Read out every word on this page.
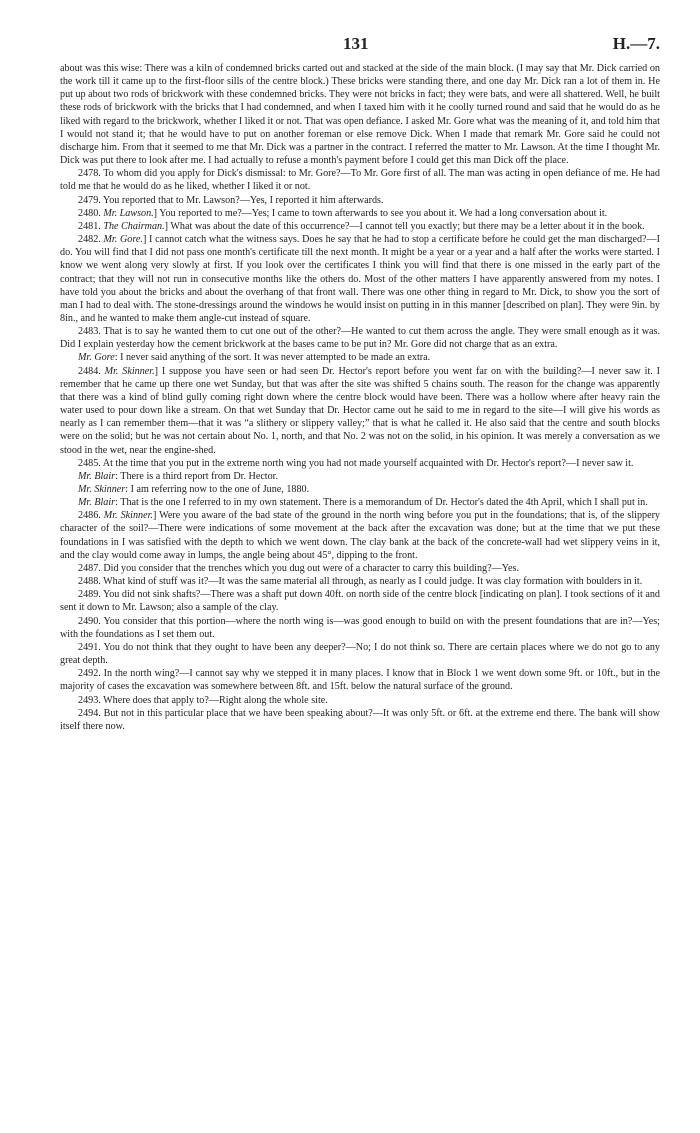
131	H.—7.

about was this wise: There was a kiln of condemned bricks carted out and stacked at the side of the main block. (I may say that Mr. Dick carried on the work till it came up to the first-floor sills of the centre block.) These bricks were standing there, and one day Mr. Dick ran a lot of them in. He put up about two rods of brickwork with these condemned bricks. They were not bricks in fact; they were bats, and were all shattered. Well, he built these rods of brickwork with the bricks that I had condemned, and when I taxed him with it he coolly turned round and said that he would do as he liked with regard to the brickwork, whether I liked it or not. That was open defiance. I asked Mr. Gore what was the meaning of it, and told him that I would not stand it; that he would have to put on another foreman or else remove Dick. When I made that remark Mr. Gore said he could not discharge him. From that it seemed to me that Mr. Dick was a partner in the contract. I referred the matter to Mr. Lawson. At the time I thought Mr. Dick was put there to look after me. I had actually to refuse a month's payment before I could get this man Dick off the place.

2478. To whom did you apply for Dick's dismissal: to Mr. Gore?—To Mr. Gore first of all. The man was acting in open defiance of me. He had told me that he would do as he liked, whether I liked it or not.

2479. You reported that to Mr. Lawson?—Yes, I reported it him afterwards.

2480. Mr. Lawson.] You reported to me?—Yes; I came to town afterwards to see you about it. We had a long conversation about it.

2481. The Chairman.] What was about the date of this occurrence?—I cannot tell you exactly; but there may be a letter about it in the book.

2482. Mr. Gore.] I cannot catch what the witness says. Does he say that he had to stop a certificate before he could get the man discharged?—I do. You will find that I did not pass one month's certificate till the next month. It might be a year or a year and a half after the works were started. I know we went along very slowly at first. If you look over the certificates I think you will find that there is one missed in the early part of the contract; that they will not run in consecutive months like the others do. Most of the other matters I have apparently answered from my notes. I have told you about the bricks and about the overhang of that front wall. There was one other thing in regard to Mr. Dick, to show you the sort of man I had to deal with. The stone-dressings around the windows he would insist on putting in in this manner [described on plan]. They were 9in. by 8in., and he wanted to make them angle-cut instead of square.

2483. That is to say he wanted them to cut one out of the other?—He wanted to cut them across the angle. They were small enough as it was. Did I explain yesterday how the cement brickwork at the bases came to be put in? Mr. Gore did not charge that as an extra.

Mr. Gore: I never said anything of the sort. It was never attempted to be made an extra.

2484. Mr. Skinner.] I suppose you have seen or had seen Dr. Hector's report before you went far on with the building?—I never saw it. I remember that he came up there one wet Sunday, but that was after the site was shifted 5 chains south. The reason for the change was apparently that there was a kind of blind gully coming right down where the centre block would have been. There was a hollow where after heavy rain the water used to pour down like a stream. On that wet Sunday that Dr. Hector came out he said to me in regard to the site—I will give his words as nearly as I can remember them—that it was “a slithery or slippery valley;” that is what he called it. He also said that the centre and south blocks were on the solid; but he was not certain about No. 1, north, and that No. 2 was not on the solid, in his opinion. It was merely a conversation as we stood in the wet, near the engine-shed.

2485. At the time that you put in the extreme north wing you had not made yourself acquainted with Dr. Hector's report?—I never saw it.

Mr. Blair: There is a third report from Dr. Hector.

Mr. Skinner: I am referring now to the one of June, 1880.

Mr. Blair: That is the one I referred to in my own statement. There is a memorandum of Dr. Hector's dated the 4th April, which I shall put in.

2486. Mr. Skinner.] Were you aware of the bad state of the ground in the north wing before you put in the foundations; that is, of the slippery character of the soil?—There were indications of some movement at the back after the excavation was done; but at the time that we put these foundations in I was satisfied with the depth to which we went down. The clay bank at the back of the concrete-wall had wet slippery veins in it, and the clay would come away in lumps, the angle being about 45°, dipping to the front.

2487. Did you consider that the trenches which you dug out were of a character to carry this building?—Yes.

2488. What kind of stuff was it?—It was the same material all through, as nearly as I could judge. It was clay formation with boulders in it.

2489. You did not sink shafts?—There was a shaft put down 40ft. on north side of the centre block [indicating on plan]. I took sections of it and sent it down to Mr. Lawson; also a sample of the clay.

2490. You consider that this portion—where the north wing is—was good enough to build on with the present foundations that are in?—Yes; with the foundations as I set them out.

2491. You do not think that they ought to have been any deeper?—No; I do not think so. There are certain places where we do not go to any great depth.

2492. In the north wing?—I cannot say why we stepped it in many places. I know that in Block 1 we went down some 9ft. or 10ft., but in the majority of cases the excavation was somewhere between 8ft. and 15ft. below the natural surface of the ground.

2493. Where does that apply to?—Right along the whole site.

2494. But not in this particular place that we have been speaking about?—It was only 5ft. or 6ft. at the extreme end there. The bank will show itself there now.
